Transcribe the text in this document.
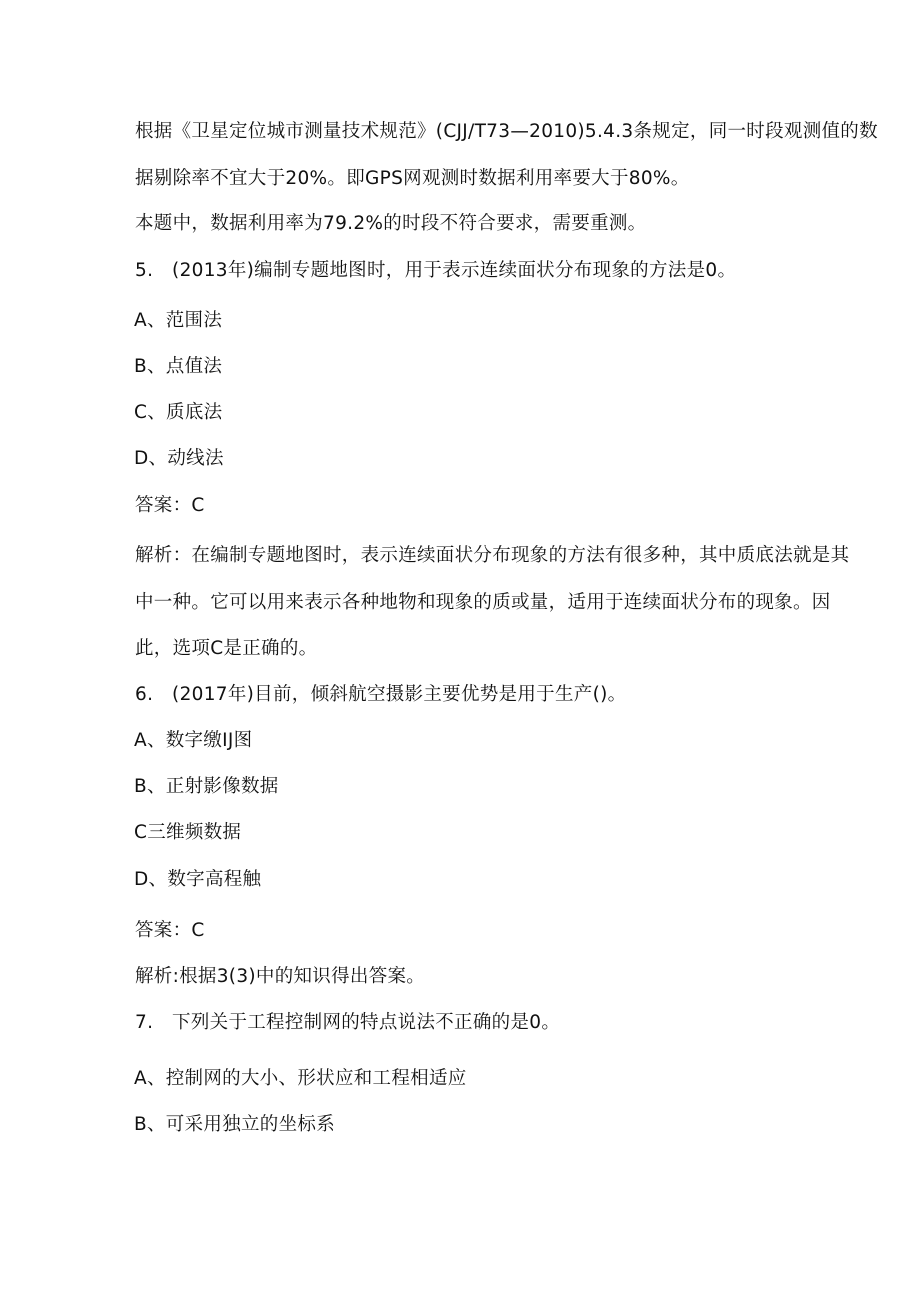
根据《卫星定位城市测量技术规范》(CJJ/T73—2010)5.4.3条规定，同一时段观测值的数
据剔除率不宜大于20%。即GPS网观测时数据利用率要大于80%。
本题中，数据利用率为79.2%的时段不符合要求，需要重测。
5.　(2013年)编制专题地图时，用于表示连续面状分布现象的方法是0。
A、范围法
B、点值法
C、质底法
D、动线法
答案：C
解析：在编制专题地图时，表示连续面状分布现象的方法有很多种，其中质底法就是其
中一种。它可以用来表示各种地物和现象的质或量，适用于连续面状分布的现象。因
此，选项C是正确的。
6.　(2017年)目前，倾斜航空摄影主要优势是用于生产()。
A、数字缴IJ图
B、正射影像数据
C三维频数据
D、数字高程触
答案：C
解析:根据3(3)中的知识得出答案。
7.　下列关于工程控制网的特点说法不正确的是0。
A、控制网的大小、形状应和工程相适应
B、可采用独立的坐标系
